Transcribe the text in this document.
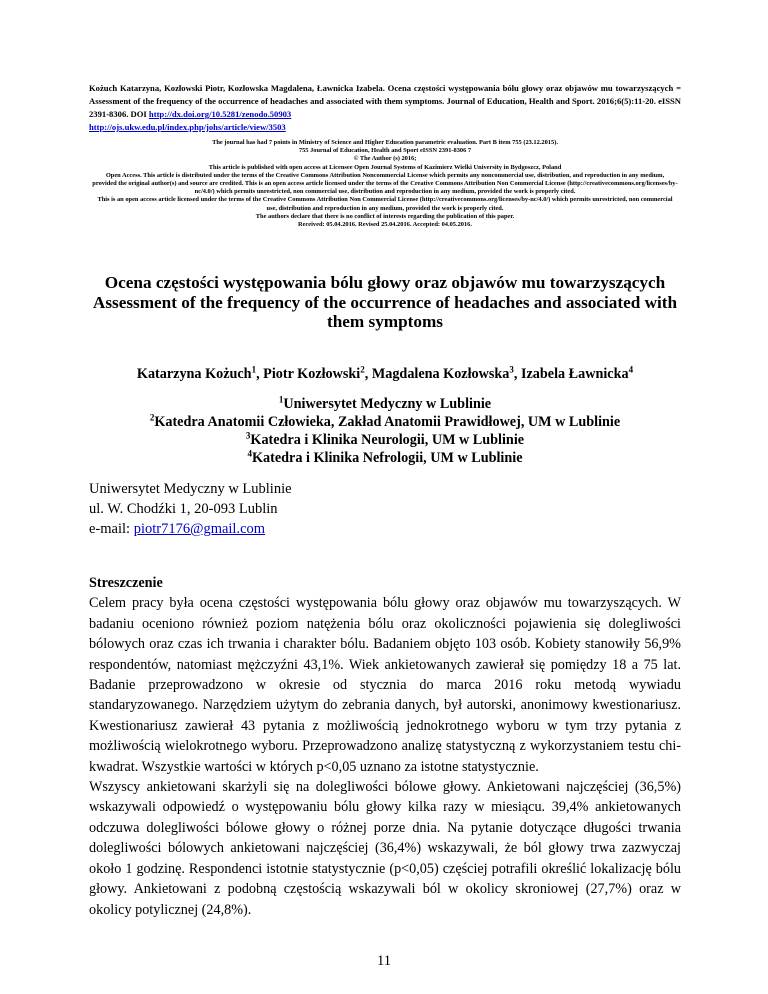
Kożuch Katarzyna, Kozłowski Piotr, Kozłowska Magdalena, Ławnicka Izabela. Ocena częstości występowania bólu głowy oraz objawów mu towarzyszących = Assessment of the frequency of the occurrence of headaches and associated with them symptoms. Journal of Education, Health and Sport. 2016;6(5):11-20. eISSN 2391-8306. DOI http://dx.doi.org/10.5281/zenodo.50903
http://ojs.ukw.edu.pl/index.php/johs/article/view/3503
The journal has had 7 points in Ministry of Science and Higher Education parametric evaluation. Part B item 755 (23.12.2015).
755 Journal of Education, Health and Sport eISSN 2391-8306 7
© The Author (s) 2016;
This article is published with open access at Licensee Open Journal Systems of Kazimierz Wielki University in Bydgoszcz, Poland
Open Access. This article is distributed under the terms of the Creative Commons Attribution Noncommercial License which permits any noncommercial use, distribution, and reproduction in any medium,
provided the original author(s) and source are credited. This is an open access article licensed under the terms of the Creative Commons Attribution Non Commercial License (http://creativecommons.org/licenses/by-nc/4.0/) which permits unrestricted, non commercial use, distribution and reproduction in any medium, provided the work is properly cited.
This is an open access article licensed under the terms of the Creative Commons Attribution Non Commercial License (http://creativecommons.org/licenses/by-nc/4.0/) which permits unrestricted, non commercial
use, distribution and reproduction in any medium, provided the work is properly cited.
The authors declare that there is no conflict of interests regarding the publication of this paper.
Received: 05.04.2016. Revised 25.04.2016. Accepted: 04.05.2016.
Ocena częstości występowania bólu głowy oraz objawów mu towarzyszących
Assessment of the frequency of the occurrence of headaches and associated with them symptoms
Katarzyna Kożuch$^1$, Piotr Kozłowski$^2$, Magdalena Kozłowska$^3$, Izabela Ławnicka$^4$
$^1$Uniwersytet Medyczny w Lublinie
$^2$Katedra Anatomii Człowieka, Zakład Anatomii Prawidłowej, UM w Lublinie
$^3$Katedra i Klinika Neurologii, UM w Lublinie
$^4$Katedra i Klinika Nefrologii, UM w Lublinie
Uniwersytet Medyczny w Lublinie
ul. W. Chodźki 1, 20-093 Lublin
e-mail: piotr7176@gmail.com
Streszczenie

Celem pracy była ocena częstości występowania bólu głowy oraz objawów mu towarzyszących. W badaniu oceniono również poziom natężenia bólu oraz okoliczności pojawienia się dolegliwości bólowych oraz czas ich trwania i charakter bólu. Badaniem objęto 103 osób. Kobiety stanowiły 56,9% respondentów, natomiast mężczyźni 43,1%. Wiek ankietowanych zawierał się pomiędzy 18 a 75 lat. Badanie przeprowadzono w okresie od stycznia do marca 2016 roku metodą wywiadu standaryzowanego. Narzędziem użytym do zebrania danych, był autorski, anonimowy kwestionariusz. Kwestionariusz zawierał 43 pytania z możliwością jednokrotnego wyboru w tym trzy pytania z możliwością wielokrotnego wyboru. Przeprowadzono analizę statystyczną z wykorzystaniem testu chi-kwadrat. Wszystkie wartości w których p<0,05 uznano za istotne statystycznie.

Wszyscy ankietowani skarżyli się na dolegliwości bólowe głowy. Ankietowani najczęściej (36,5%) wskazywali odpowiedź o występowaniu bólu głowy kilka razy w miesiącu. 39,4% ankietowanych odczuwa dolegliwości bólowe głowy o różnej porze dnia. Na pytanie dotyczące długości trwania dolegliwości bólowych ankietowani najczęściej (36,4%) wskazywali, że ból głowy trwa zazwyczaj około 1 godzinę. Respondenci istotnie statystycznie (p<0,05) częściej potrafili określić lokalizację bólu głowy. Ankietowani z podobną częstością wskazywali ból w okolicy skroniowej (27,7%) oraz w okolicy potylicznej (24,8%).

11
